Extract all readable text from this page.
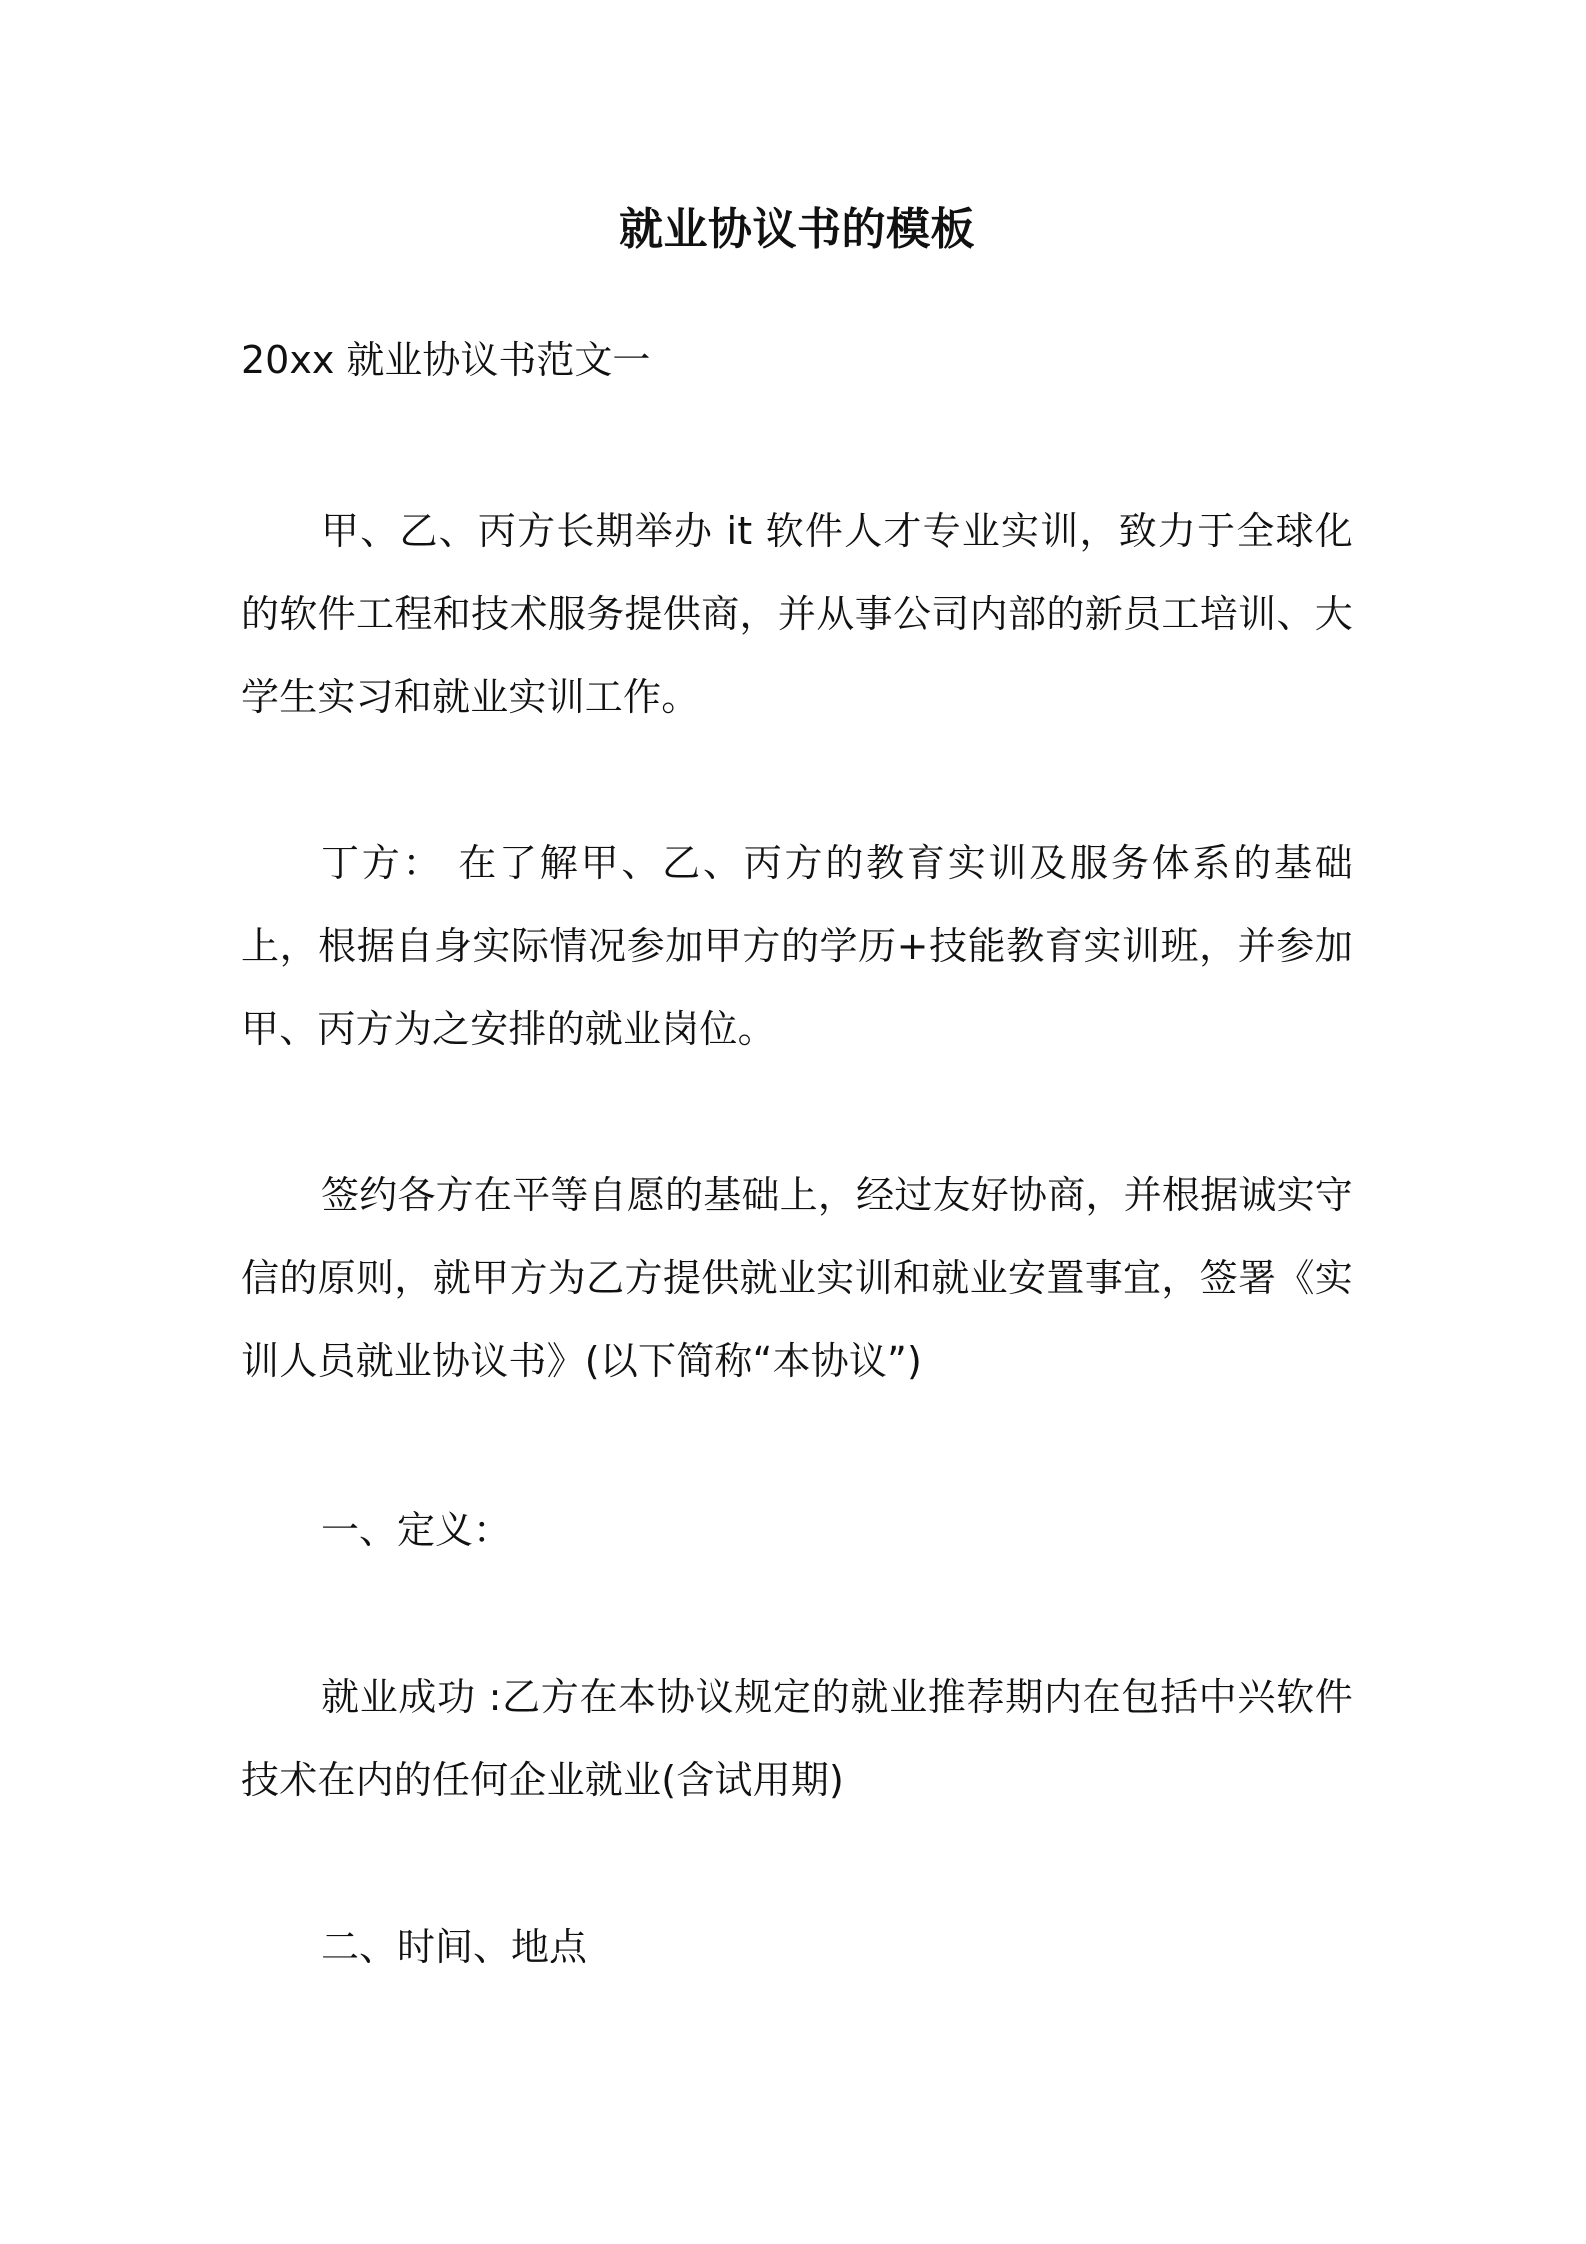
就业协议书的模板
20xx 就业协议书范文一

甲、乙、丙方长期举办 it 软件人才专业实训，致力于全球化的软件工程和技术服务提供商，并从事公司内部的新员工培训、大学生实习和就业实训工作。

丁方： 在了解甲、乙、丙方的教育实训及服务体系的基础上，根据自身实际情况参加甲方的学历+技能教育实训班，并参加甲、丙方为之安排的就业岗位。

签约各方在平等自愿的基础上，经过友好协商，并根据诚实守信的原则，就甲方为乙方提供就业实训和就业安置事宜，签署《实训人员就业协议书》(以下简称“本协议”)

一、定义：

就业成功 :乙方在本协议规定的就业推荐期内在包括中兴软件技术在内的任何企业就业(含试用期)

二、时间、地点
